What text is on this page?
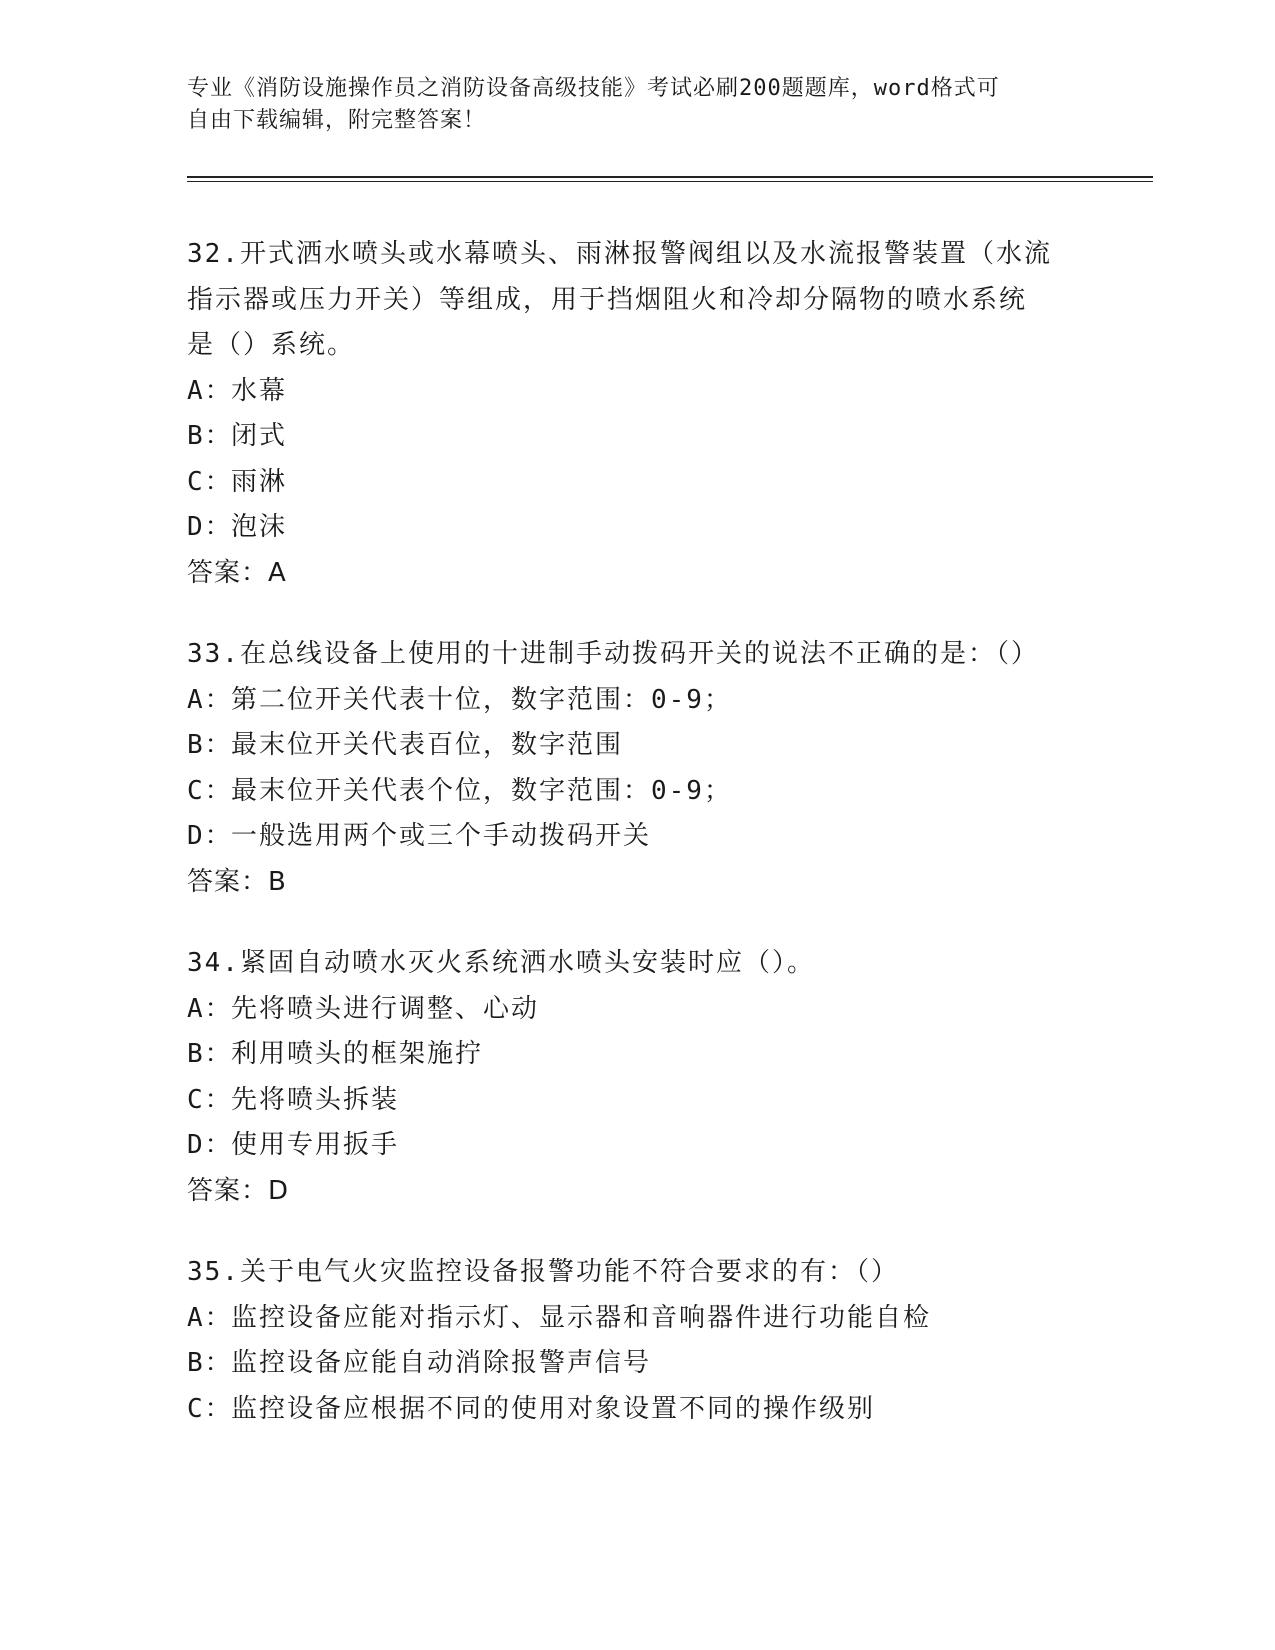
专业《消防设施操作员之消防设备高级技能》考试必刷200题题库，word格式可
自由下载编辑，附完整答案！
32.开式洒水喷头或水幕喷头、雨淋报警阀组以及水流报警装置（水流指示器或压力开关）等组成，用于挡烟阻火和冷却分隔物的喷水系统是（）系统。
A：水幕
B：闭式
C：雨淋
D：泡沫
答案：A
33.在总线设备上使用的十进制手动拨码开关的说法不正确的是：（）
A：第二位开关代表十位，数字范围：0-9；
B：最末位开关代表百位，数字范围
C：最末位开关代表个位，数字范围：0-9；
D：一般选用两个或三个手动拨码开关
答案：B
34.紧固自动喷水灭火系统洒水喷头安装时应（）。
A：先将喷头进行调整、心动
B：利用喷头的框架施拧
C：先将喷头拆装
D：使用专用扳手
答案：D
35.关于电气火灾监控设备报警功能不符合要求的有：（）
A：监控设备应能对指示灯、显示器和音响器件进行功能自检
B：监控设备应能自动消除报警声信号
C：监控设备应根据不同的使用对象设置不同的操作级别
